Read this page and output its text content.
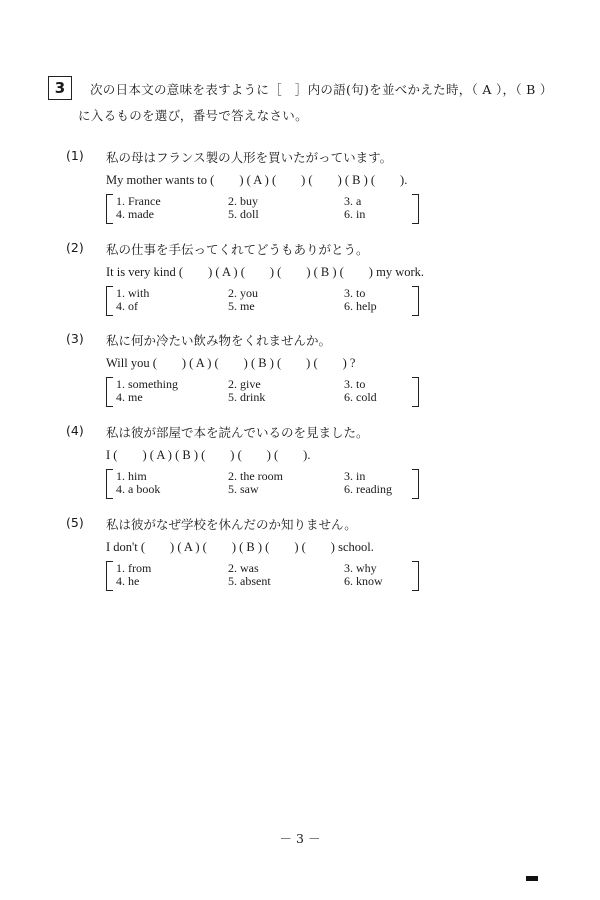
3 次の日本文の意味を表すように［　］内の語(句)を並べかえた時，（ A ），（ B ）
に入るものを選び，番号で答えなさい。
(1) 私の母はフランス製の人形を買いたがっています。
My mother wants to (　　) ( A ) (　　) (　　) ( B ) (　　).
1. France	2. buy	3. a
4. made	5. doll	6. in
(2) 私の仕事を手伝ってくれてどうもありがとう。
It is very kind (　　) ( A ) (　　) (　　) ( B ) (　　) my work.
1. with	2. you	3. to
4. of	5. me	6. help
(3) 私に何か冷たい飲み物をくれませんか。
Will you (　　) ( A ) (　　) ( B ) (　　) (　　) ?
1. something	2. give	3. to
4. me	5. drink	6. cold
(4) 私は彼が部屋で本を読んでいるのを見ました。
I (　　) ( A ) ( B ) (　　) (　　) (　　).
1. him	2. the room	3. in
4. a book	5. saw	6. reading
(5) 私は彼がなぜ学校を休んだのか知りません。
I don't (　　) ( A ) (　　) ( B ) (　　) (　　) school.
1. from	2. was	3. why
4. he	5. absent	6. know
－ 3 －
